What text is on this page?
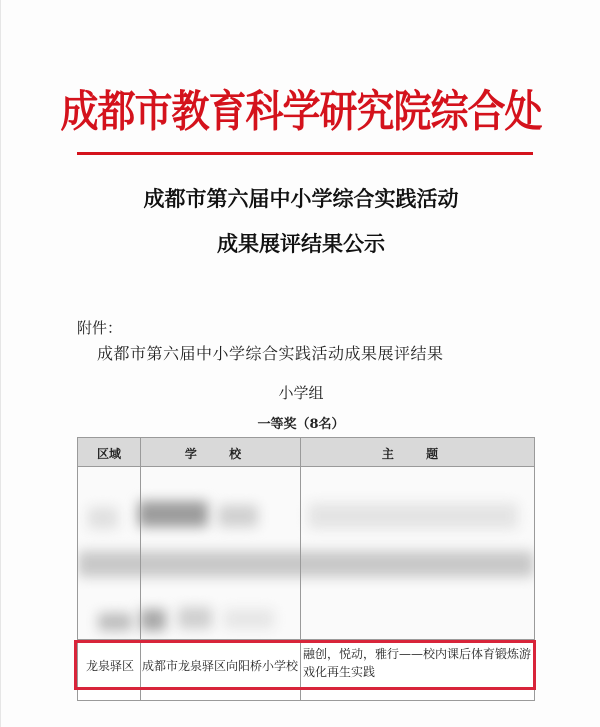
成都市教育科学研究院综合处
成都市第六届中小学综合实践活动
成果展评结果公示
附件：
成都市第六届中小学综合实践活动成果展评结果
小学组
一等奖（8名）
区域	学 校	主 题
龙泉驿区 成都市龙泉驿区向阳桥小学校
融创，悦动，雅行——校内课后体育锻炼游戏化再生实践
